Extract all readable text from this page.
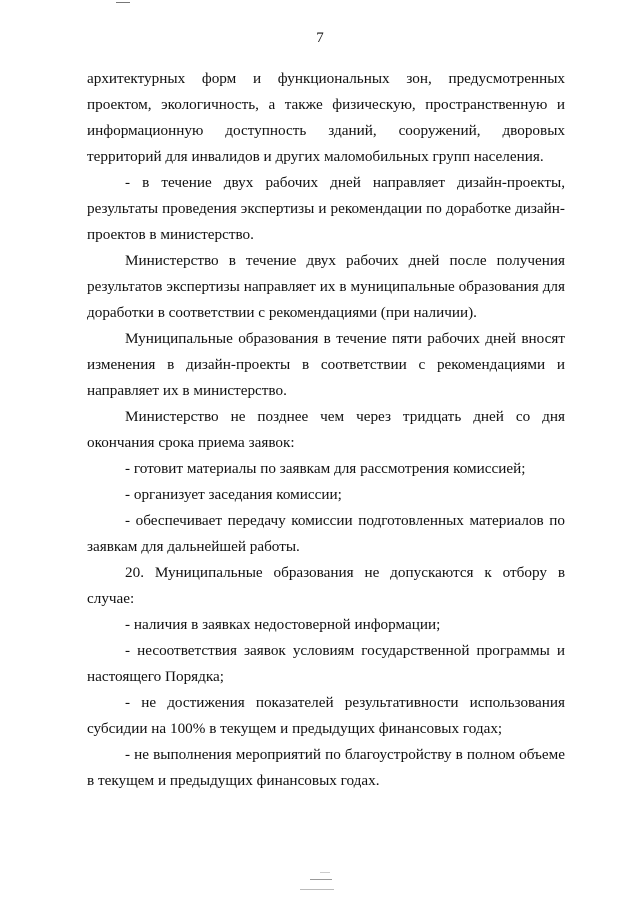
7

архитектурных форм и функциональных зон, предусмотренных проектом, экологичность, а также физическую, пространственную и информационную доступность зданий, сооружений, дворовых территорий для инвалидов и других маломобильных групп населения.

- в течение двух рабочих дней направляет дизайн-проекты, результаты проведения экспертизы и рекомендации по доработке дизайн-проектов в министерство.

Министерство в течение двух рабочих дней после получения результатов экспертизы направляет их в муниципальные образования для доработки в соответствии с рекомендациями (при наличии).

Муниципальные образования в течение пяти рабочих дней вносят изменения в дизайн-проекты в соответствии с рекомендациями и направляет их в министерство.

Министерство не позднее чем через тридцать дней со дня окончания срока приема заявок:

- готовит материалы по заявкам для рассмотрения комиссией;

- организует заседания комиссии;

- обеспечивает передачу комиссии подготовленных материалов по заявкам для дальнейшей работы.

20. Муниципальные образования не допускаются к отбору в случае:

- наличия в заявках недостоверной информации;

- несоответствия заявок условиям государственной программы и настоящего Порядка;

- не достижения показателей результативности использования субсидии на 100% в текущем и предыдущих финансовых годах;

- не выполнения мероприятий по благоустройству в полном объеме в текущем и предыдущих финансовых годах.
